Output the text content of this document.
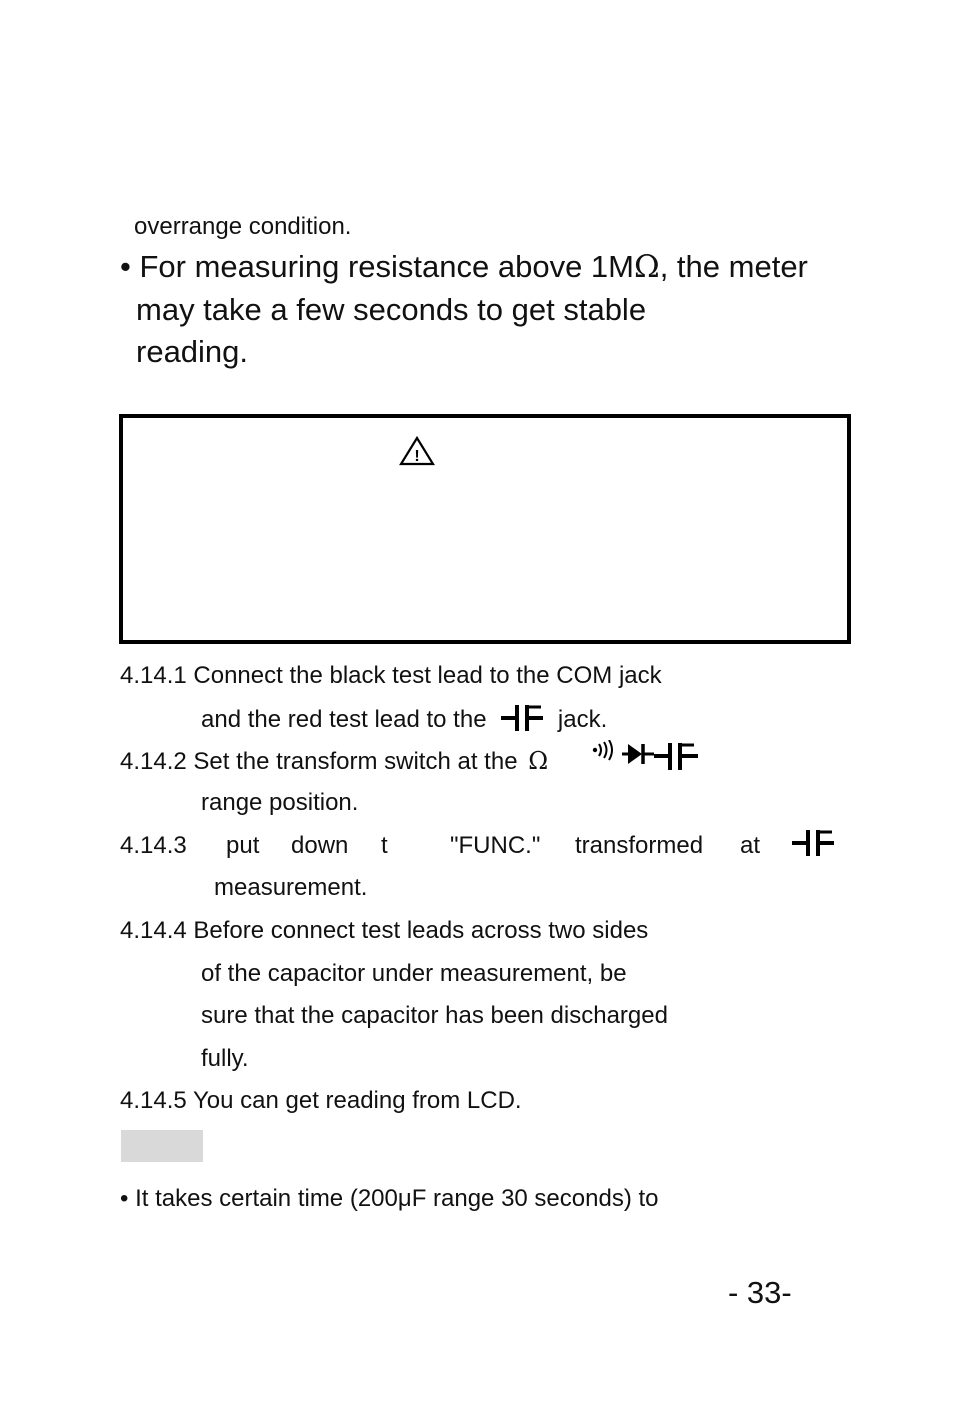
overrange condition.
• For measuring resistance above 1MΩ, the meter
may take a few seconds to get stable
reading.
!
4.14.1 Connect the black test lead to the COM jack
and the red test lead to the	jack.
4.14.2 Set the transform switch at the Ω
range position.
4.14.3 put down t	"FUNC." transformed at
measurement.
4.14.4 Before connect test leads across two sides
of the capacitor under measurement, be
sure that the capacitor has been discharged
fully.
4.14.5 You can get reading from LCD.
• It takes certain time (200μF range 30 seconds) to
- 33-
